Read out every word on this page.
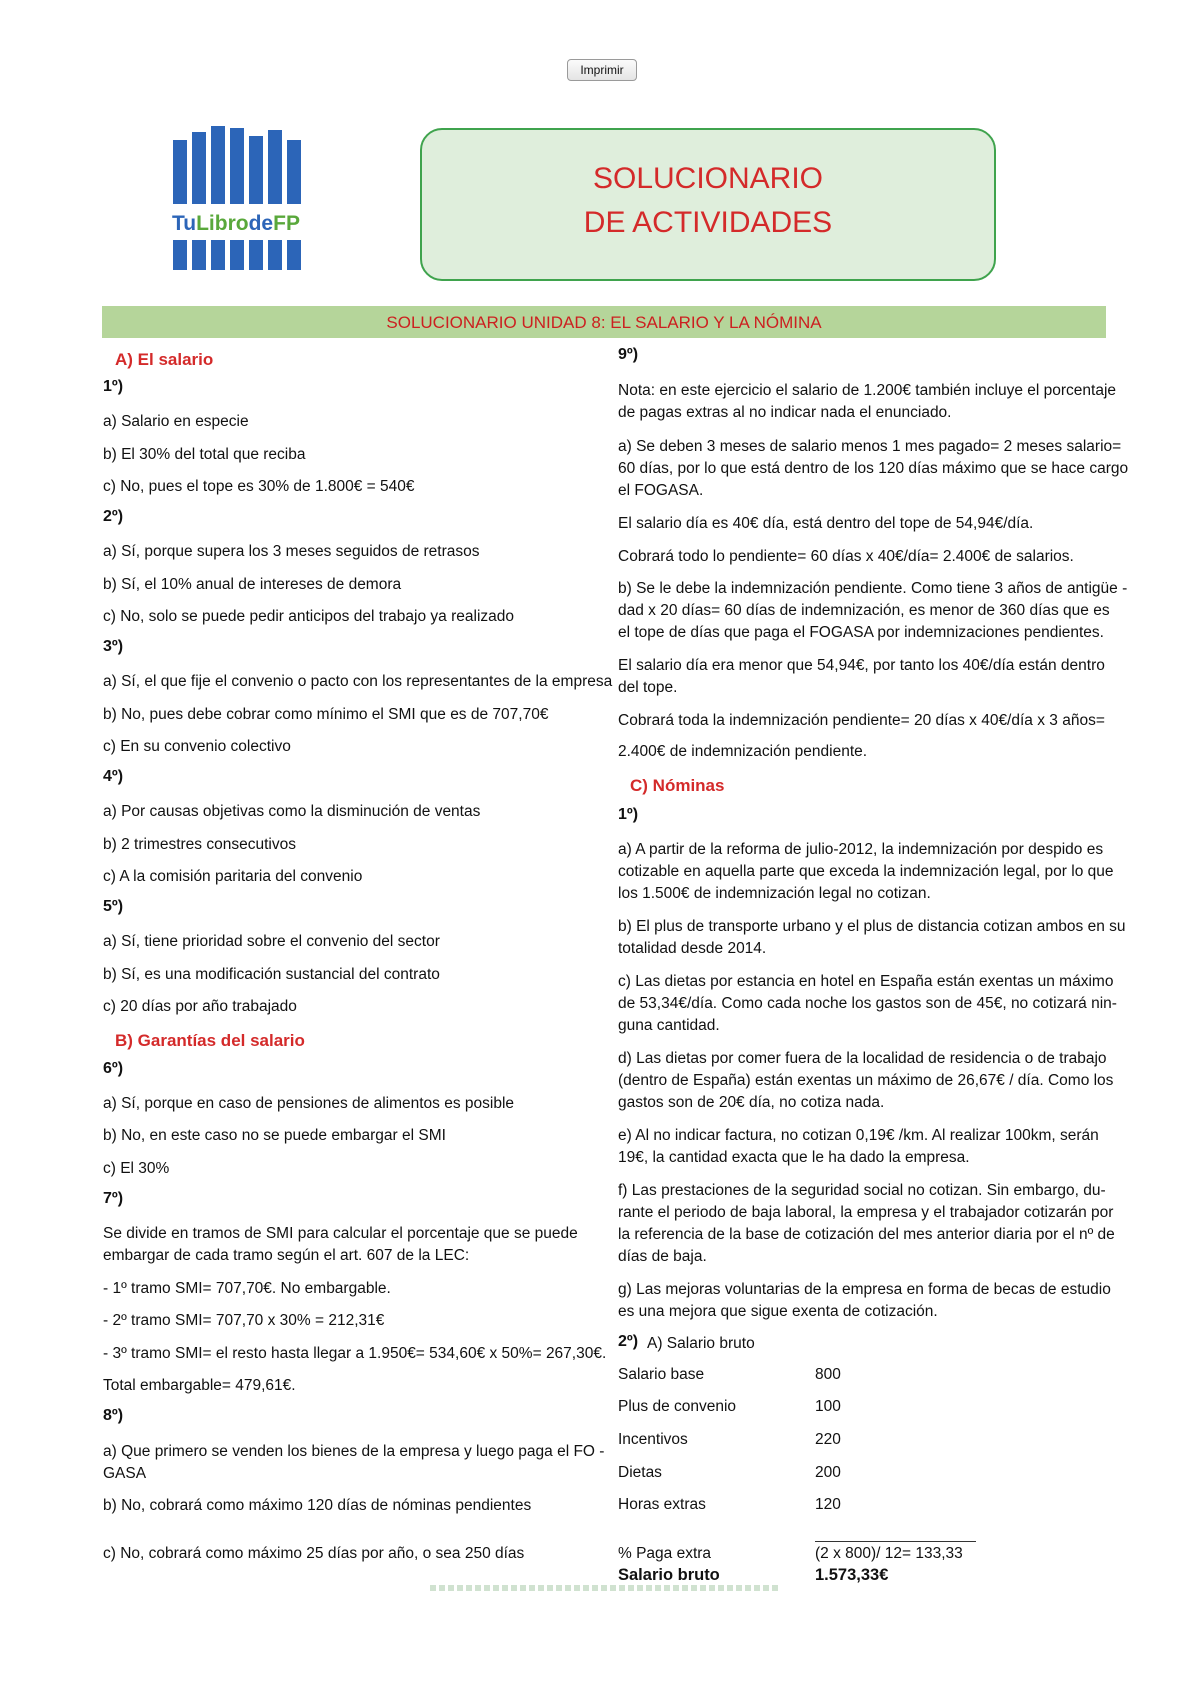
Imprimir
TuLibrodeFP
SOLUCIONARIO
DE ACTIVIDADES
SOLUCIONARIO UNIDAD 8: EL SALARIO Y LA NÓMINA
A) El salario
1º)
a) Salario en especie
b) El 30% del total que reciba
c) No, pues el tope es 30% de 1.800€ = 540€
2º)
a) Sí, porque supera los 3 meses seguidos de retrasos
b) Sí, el 10% anual de intereses de demora
c) No, solo se puede pedir anticipos del trabajo ya realizado
3º)
a) Sí, el que fije el convenio o pacto con los representantes de la empresa
b) No, pues debe cobrar como mínimo el SMI que es de 707,70€
c) En su convenio colectivo
4º)
a) Por causas objetivas como la disminución de ventas
b) 2 trimestres consecutivos
c) A la comisión paritaria del convenio
5º)
a) Sí, tiene prioridad sobre el convenio del sector
b) Sí, es una modificación sustancial del contrato
c) 20 días por año trabajado
B) Garantías del salario
6º)
a) Sí, porque en caso de pensiones de alimentos es posible
b) No, en este caso no se puede embargar el SMI
c) El 30%
7º)
Se divide en tramos de SMI para calcular el porcentaje que se puede
embargar de cada tramo según el art. 607 de la LEC:
- 1º tramo SMI= 707,70€. No embargable.
- 2º tramo SMI= 707,70 x 30% = 212,31€
- 3º tramo SMI= el resto hasta llegar a 1.950€= 534,60€ x 50%= 267,30€.
Total embargable= 479,61€.
8º)
a) Que primero se venden los bienes de la empresa y luego paga el FO -
GASA
b) No, cobrará como máximo 120 días de nóminas pendientes
c) No, cobrará como máximo 25 días por año, o sea 250 días
9º)
Nota: en este ejercicio el salario de 1.200€ también incluye el porcentaje
de pagas extras al no indicar nada el enunciado.
a) Se deben 3 meses de salario menos 1 mes pagado= 2 meses salario=
60 días, por lo que está dentro de los 120 días máximo que se hace cargo
el FOGASA.
El salario día es 40€ día, está dentro del tope de 54,94€/día.
Cobrará todo lo pendiente= 60 días x 40€/día= 2.400€ de salarios.
b) Se le debe la indemnización pendiente. Como tiene 3 años de antigüe -
dad x 20 días= 60 días de indemnización, es menor de 360 días que es
el tope de días que paga el FOGASA por indemnizaciones pendientes.
El salario día era menor que 54,94€, por tanto los 40€/día están dentro
del tope.
Cobrará toda la indemnización pendiente= 20 días x 40€/día x 3 años=
2.400€ de indemnización pendiente.
C) Nóminas
1º)
a) A partir de la reforma de julio-2012, la indemnización por despido es
cotizable en aquella parte que exceda la indemnización legal, por lo que
los 1.500€ de indemnización legal no cotizan.
b) El plus de transporte urbano y el plus de distancia cotizan ambos en su
totalidad desde 2014.
c) Las dietas por estancia en hotel en España están exentas un máximo
de 53,34€/día. Como cada noche los gastos son de 45€, no cotizará nin-
guna cantidad.
d) Las dietas por comer fuera de la localidad de residencia o de trabajo
(dentro de España) están exentas un máximo de 26,67€ / día. Como los
gastos son de 20€ día, no cotiza nada.
e) Al no indicar factura, no cotizan 0,19€ /km. Al realizar 100km, serán
19€, la cantidad exacta que le ha dado la empresa.
f) Las prestaciones de la seguridad social no cotizan. Sin embargo, du-
rante el periodo de baja laboral, la empresa y el trabajador cotizarán por
la referencia de la base de cotización del mes anterior diaria por el nº de
días de baja.
g) Las mejoras voluntarias de la empresa en forma de becas de estudio
es una mejora que sigue exenta de cotización.
2º) A) Salario bruto
Salario base	800
Plus de convenio	100
Incentivos	220
Dietas	200
Horas extras	120
% Paga extra	(2 x 800)/ 12= 133,33
Salario bruto	1.573,33€
